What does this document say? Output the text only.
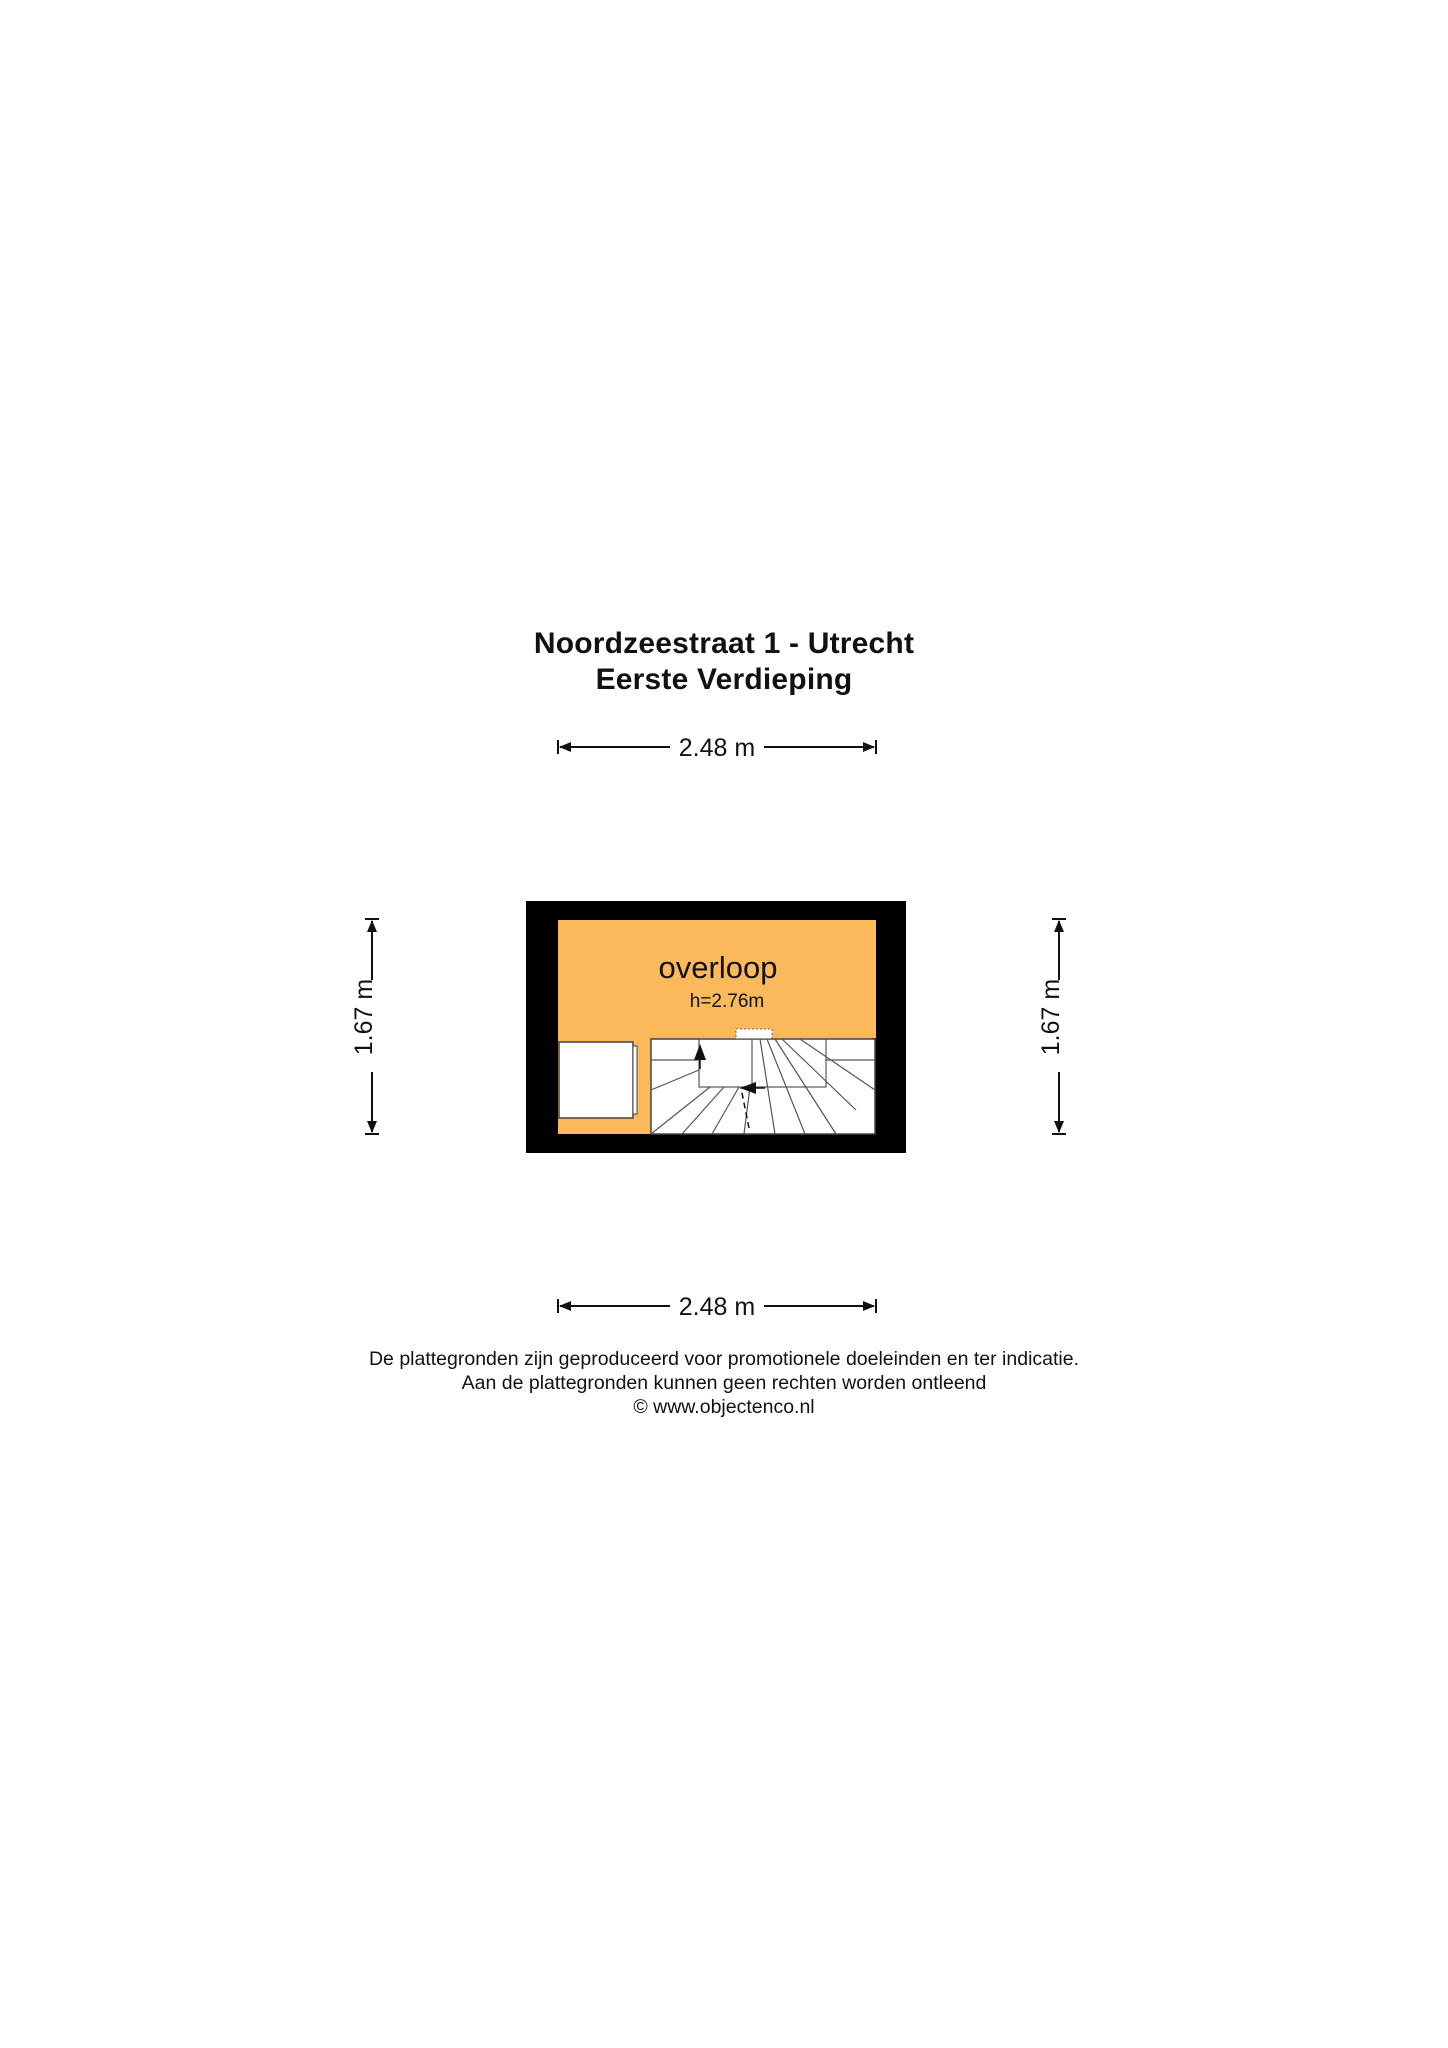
Noordzeestraat 1 - Utrecht
Eerste Verdieping
2.48 m
2.48 m
1.67 m	1.67 m
overloop
h=2.76m
De plattegronden zijn geproduceerd voor promotionele doeleinden en ter indicatie.
Aan de plattegronden kunnen geen rechten worden ontleend
© www.objectenco.nl
